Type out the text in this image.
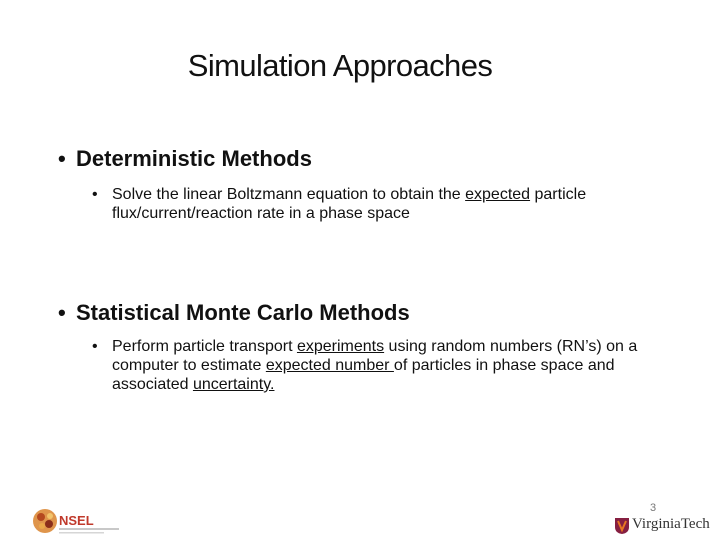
Simulation Approaches
• Deterministic Methods
• Solve the linear Boltzmann equation to obtain the expected particle flux/current/reaction rate in a phase space
• Statistical Monte Carlo Methods
• Perform particle transport experiments using random numbers (RN’s) on a computer to estimate expected number of particles in phase space and associated uncertainty.
3
NSEL	VirginiaTech
